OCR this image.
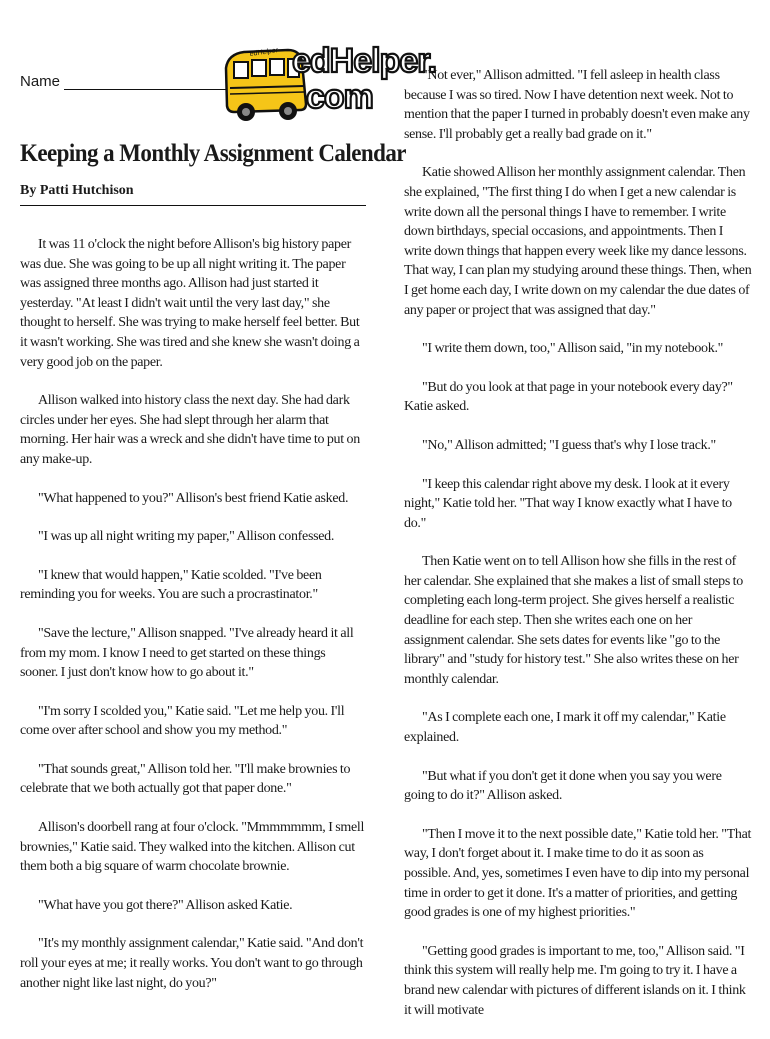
Name
edHelper edHelper.
com
Keeping a Monthly Assignment Calendar
By Patti Hutchison

It was 11 o'clock the night before Allison's big history paper was due. She was going to be up all night writing it. The paper was assigned three months ago. Allison had just started it yesterday. "At least I didn't wait until the very last day," she thought to herself. She was trying to make herself feel better. But it wasn't working. She was tired and she knew she wasn't doing a very good job on the paper.

Allison walked into history class the next day. She had dark circles under her eyes. She had slept through her alarm that morning. Her hair was a wreck and she didn't have time to put on any make-up.

"What happened to you?" Allison's best friend Katie asked.

"I was up all night writing my paper," Allison confessed.

"I knew that would happen," Katie scolded. "I've been reminding you for weeks. You are such a procrastinator."

"Save the lecture," Allison snapped. "I've already heard it all from my mom. I know I need to get started on these things sooner. I just don't know how to go about it."

"I'm sorry I scolded you," Katie said. "Let me help you. I'll come over after school and show you my method."

"That sounds great," Allison told her. "I'll make brownies to celebrate that we both actually got that paper done."

Allison's doorbell rang at four o'clock. "Mmmmmmm, I smell brownies," Katie said. They walked into the kitchen. Allison cut them both a big square of warm chocolate brownie.

"What have you got there?" Allison asked Katie.

"It's my monthly assignment calendar," Katie said. "And don't roll your eyes at me; it really works. You don't want to go through another night like last night, do you?"

"Not ever," Allison admitted. "I fell asleep in health class because I was so tired. Now I have detention next week. Not to mention that the paper I turned in probably doesn't even make any sense. I'll probably get a really bad grade on it."

Katie showed Allison her monthly assignment calendar. Then she explained, "The first thing I do when I get a new calendar is write down all the personal things I have to remember. I write down birthdays, special occasions, and appointments. Then I write down things that happen every week like my dance lessons. That way, I can plan my studying around these things. Then, when I get home each day, I write down on my calendar the due dates of any paper or project that was assigned that day."

"I write them down, too," Allison said, "in my notebook."

"But do you look at that page in your notebook every day?" Katie asked.

"No," Allison admitted; "I guess that's why I lose track."

"I keep this calendar right above my desk. I look at it every night," Katie told her. "That way I know exactly what I have to do."

Then Katie went on to tell Allison how she fills in the rest of her calendar. She explained that she makes a list of small steps to completing each long-term project. She gives herself a realistic deadline for each step. Then she writes each one on her assignment calendar. She sets dates for events like "go to the library" and "study for history test." She also writes these on her monthly calendar.

"As I complete each one, I mark it off my calendar," Katie explained.

"But what if you don't get it done when you say you were going to do it?" Allison asked.

"Then I move it to the next possible date," Katie told her. "That way, I don't forget about it. I make time to do it as soon as possible. And, yes, sometimes I even have to dip into my personal time in order to get it done. It's a matter of priorities, and getting good grades is one of my highest priorities."

"Getting good grades is important to me, too," Allison said. "I think this system will really help me. I'm going to try it. I have a brand new calendar with pictures of different islands on it. I think it will motivate
